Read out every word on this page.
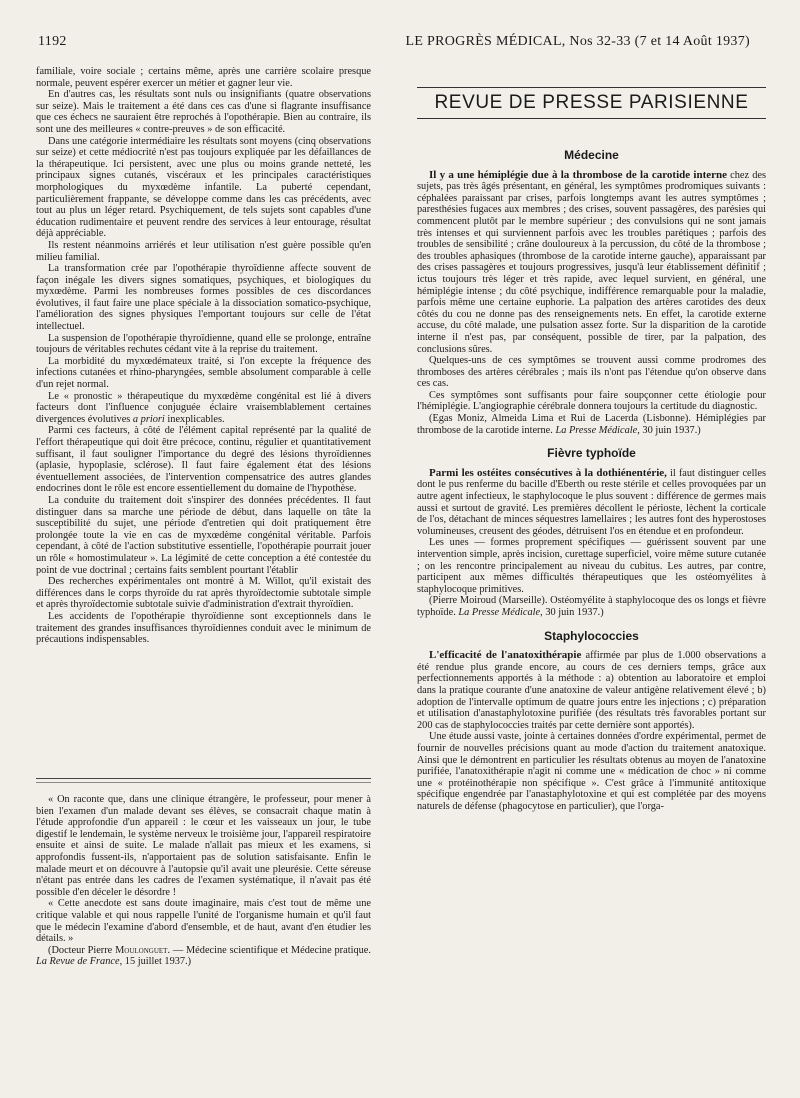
1192	LE PROGRÈS MÉDICAL, Nos 32-33 (7 et 14 Août 1937)

familiale, voire sociale ; certains même, après une carrière scolaire presque normale, peuvent espérer exercer un métier et gagner leur vie.

En d'autres cas, les résultats sont nuls ou insignifiants (quatre observations sur seize). Mais le traitement a été dans ces cas d'une si flagrante insuffisance que ces échecs ne sauraient être reprochés à l'opothérapie. Bien au contraire, ils sont une des meilleures « contre-preuves » de son efficacité.

Dans une catégorie intermédiaire les résultats sont moyens (cinq observations sur seize) et cette médiocrité n'est pas toujours expliquée par les défaillances de la thérapeutique. Ici persistent, avec une plus ou moins grande netteté, les principaux signes cutanés, viscéraux et les principales caractéristiques morphologiques du myxœdème infantile. La puberté cependant, particulièrement frappante, se développe comme dans les cas précédents, avec tout au plus un léger retard. Psychiquement, de tels sujets sont capables d'une éducation rudimentaire et peuvent rendre des services à leur entourage, résultat déjà appréciable.

Ils restent néanmoins arriérés et leur utilisation n'est guère possible qu'en milieu familial.

La transformation crée par l'opothérapie thyroïdienne affecte souvent de façon inégale les divers signes somatiques, psychiques, et biologiques du myxœdème. Parmi les nombreuses formes possibles de ces discordances évolutives, il faut faire une place spéciale à la dissociation somatico-psychique, l'amélioration des signes physiques l'emportant toujours sur celle de l'état intellectuel.

La suspension de l'opothérapie thyroïdienne, quand elle se prolonge, entraîne toujours de véritables rechutes cédant vite à la reprise du traitement.

La morbidité du myxœdémateux traité, si l'on excepte la fréquence des infections cutanées et rhino-pharyngées, semble absolument comparable à celle d'un rejet normal.

Le « pronostic » thérapeutique du myxœdème congénital est lié à divers facteurs dont l'influence conjuguée éclaire vraisemblablement certaines divergences évolutives a priori inexplicables.

Parmi ces facteurs, à côté de l'élément capital représenté par la qualité de l'effort thérapeutique qui doit être précoce, continu, régulier et quantitativement suffisant, il faut souligner l'importance du degré des lésions thyroïdiennes (aplasie, hypoplasie, sclérose). Il faut faire également état des lésions éventuellement associées, de l'intervention compensatrice des autres glandes endocrines dont le rôle est encore essentiellement du domaine de l'hypothèse.

La conduite du traitement doit s'inspirer des données précédentes. Il faut distinguer dans sa marche une période de début, dans laquelle on tâte la susceptibilité du sujet, une période d'entretien qui doit pratiquement être prolongée toute la vie en cas de myxœdème congénital véritable. Parfois cependant, à côté de l'action substitutive essentielle, l'opothérapie pourrait jouer un rôle « homostimulateur ». La légimité de cette conception a été contestée du point de vue doctrinal ; certains faits semblent pourtant l'établir

Des recherches expérimentales ont montré à M. Willot, qu'il existait des différences dans le corps thyroïde du rat après thyroïdectomie subtotale simple et après thyroïdectomie subtotale suivie d'administration d'extrait thyroïdien.

Les accidents de l'opothérapie thyroïdienne sont exceptionnels dans le traitement des grandes insuffisances thyroïdiennes conduit avec le minimum de précautions indispensables.

« On raconte que, dans une clinique étrangère, le professeur, pour mener à bien l'examen d'un malade devant ses élèves, se consacrait chaque matin à l'étude approfondie d'un appareil : le cœur et les vaisseaux un jour, le tube digestif le lendemain, le système nerveux le troisième jour, l'appareil respiratoire ensuite et ainsi de suite. Le malade n'allait pas mieux et les examens, si approfondis fussent-ils, n'apportaient pas de solution satisfaisante. Enfin le malade meurt et on découvre à l'autopsie qu'il avait une pleurésie. Cette séreuse n'étant pas entrée dans les cadres de l'examen systématique, il n'avait pas été possible d'en déceler le désordre !

« Cette anecdote est sans doute imaginaire, mais c'est tout de même une critique valable et qui nous rappelle l'unité de l'organisme humain et qu'il faut que le médecin l'examine d'abord d'ensemble, et de haut, avant d'en étudier les détails. »

(Docteur Pierre Moulonguet. — Médecine scientifique et Médecine pratique. La Revue de France, 15 juillet 1937.)

REVUE DE PRESSE PARISIENNE
Médecine

Il y a une hémiplégie due à la thrombose de la carotide interne chez des sujets, pas très âgés présentant, en général, les symptômes prodromiques suivants : céphalées paraissant par crises, parfois longtemps avant les autres symptômes ; paresthésies fugaces aux membres ; des crises, souvent passagères, des parésies qui commencent plutôt par le membre supérieur ; des convulsions qui ne sont jamais très intenses et qui surviennent parfois avec les troubles parétiques ; parfois des troubles de sensibilité ; crâne douloureux à la percussion, du côté de la thrombose ; des troubles aphasiques (thrombose de la carotide interne gauche), apparaissant par des crises passagères et toujours progressives, jusqu'à leur établissement définitif ; ictus toujours très léger et très rapide, avec lequel survient, en général, une hémiplégie intense ; du côté psychique, indifférence remarquable pour la maladie, parfois même une certaine euphorie. La palpation des artères carotides des deux côtés du cou ne donne pas des renseignements nets. En effet, la carotide externe accuse, du côté malade, une pulsation assez forte. Sur la disparition de la carotide interne il n'est pas, par conséquent, possible de tirer, par la palpation, des conclusions sûres.

Quelques-uns de ces symptômes se trouvent aussi comme prodromes des thromboses des artères cérébrales ; mais ils n'ont pas l'étendue qu'on observe dans ces cas.

Ces symptômes sont suffisants pour faire soupçonner cette étiologie pour l'hémiplégie. L'angiographie cérébrale donnera toujours la certitude du diagnostic.

(Egas Moniz, Almeida Lima et Rui de Lacerda (Lisbonne). Hémiplégies par thrombose de la carotide interne. La Presse Médicale, 30 juin 1937.)

Fièvre typhoïde

Parmi les ostéites consécutives à la dothiénentérie, il faut distinguer celles dont le pus renferme du bacille d'Eberth ou reste stérile et celles provoquées par un autre agent infectieux, le staphylocoque le plus souvent : différence de germes mais aussi et surtout de gravité. Les premières décollent le périoste, lèchent la corticale de l'os, détachant de minces séquestres lamellaires ; les autres font des hyperostoses volumineuses, creusent des géodes, détruisent l'os en étendue et en profondeur.

Les unes — formes proprement spécifiques — guérissent souvent par une intervention simple, après incision, curettage superficiel, voire même suture cutanée ; on les rencontre principalement au niveau du cubitus. Les autres, par contre, participent aux mêmes difficultés thérapeutiques que les ostéomyélites à staphylocoque primitives.

(Pierre Moiroud (Marseille). Ostéomyélite à staphylocoque des os longs et fièvre typhoïde. La Presse Médicale, 30 juin 1937.)

Staphylococcies

L'efficacité de l'anatoxithérapie affirmée par plus de 1.000 observations a été rendue plus grande encore, au cours de ces derniers temps, grâce aux perfectionnements apportés à la méthode : a) obtention au laboratoire et emploi dans la pratique courante d'une anatoxine de valeur antigène relativement élevé ; b) adoption de l'intervalle optimum de quatre jours entre les injections ; c) préparation et utilisation d'anastaphylotoxine purifiée (des résultats très favorables portant sur 200 cas de staphylococcies traités par cette dernière sont apportés).

Une étude aussi vaste, jointe à certaines données d'ordre expérimental, permet de fournir de nouvelles précisions quant au mode d'action du traitement anatoxique. Ainsi que le démontrent en particulier les résultats obtenus au moyen de l'anatoxine purifiée, l'anatoxithérapie n'agit ni comme une « médication de choc » ni comme une « protéinothérapie non spécifique ». C'est grâce à l'immunité antitoxique spécifique engendrée par l'anastaphylotoxine et qui est complétée par des moyens naturels de défense (phagocytose en particulier), que l'orga-
